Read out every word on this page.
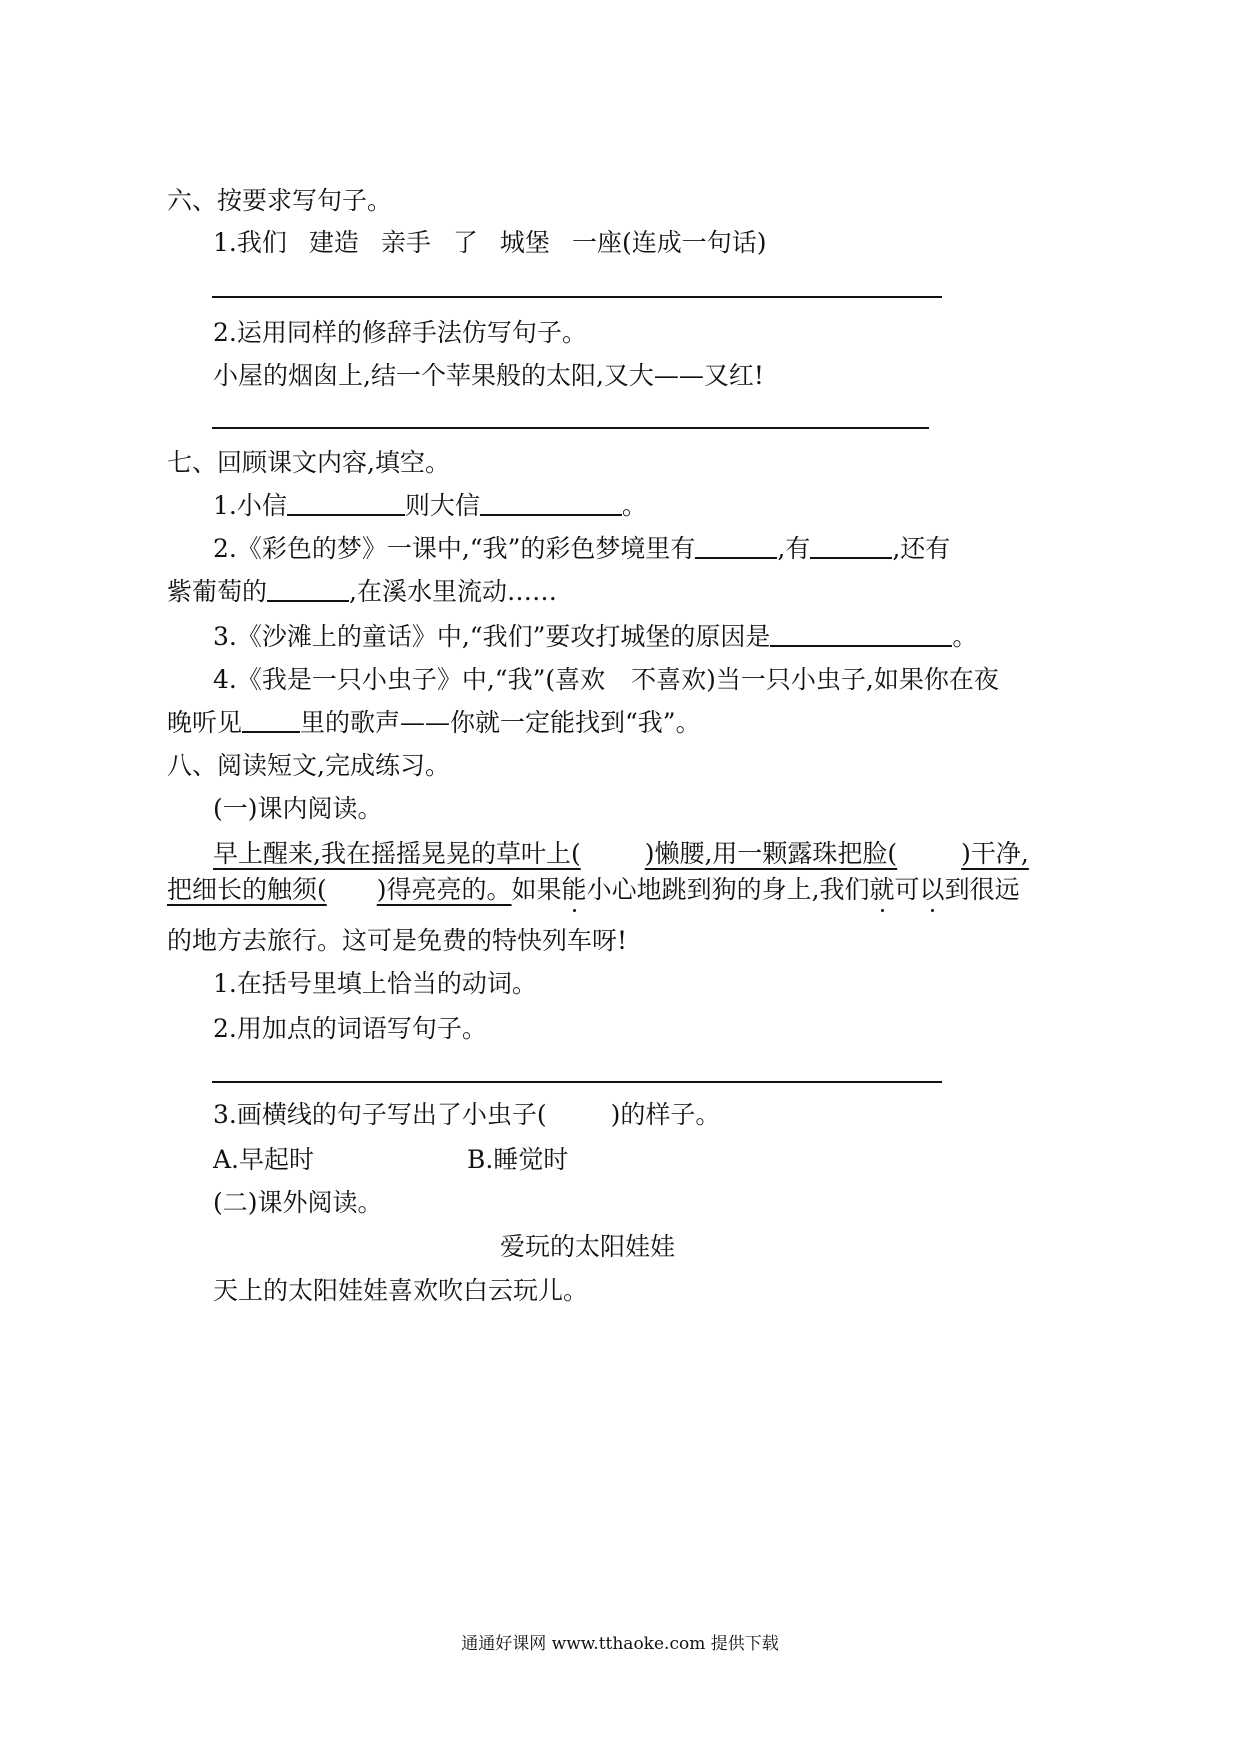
六、按要求写句子。
1.我们 建造 亲手 了 城堡 一座(连成一句话)
2.运用同样的修辞手法仿写句子。
小屋的烟囱上,结一个苹果般的太阳,又大——又红!
七、回顾课文内容,填空。
1.小信	则大信	。
2.《彩色的梦》一课中,“我”的彩色梦境里有	,有	,还有
紫葡萄的	,在溪水里流动……
3.《沙滩上的童话》中,“我们”要攻打城堡的原因是	。
4.《我是一只小虫子》中,“我”(喜欢 不喜欢)当一只小虫子,如果你在夜
晚听见 里的歌声——你就一定能找到“我”。
八、阅读短文,完成练习。
(一)课内阅读。
早上醒来,我在摇摇晃晃的草叶上(	)懒腰,用一颗露珠把脸(	)干净,
把细长的触须( )得亮亮的。如果能小心地跳到狗的身上,我们就可以到很远
的地方去旅行。这可是免费的特快列车呀!
1.在括号里填上恰当的动词。
2.用加点的词语写句子。
3.画横线的句子写出了小虫子(	)的样子。
A.早起时	B.睡觉时
(二)课外阅读。
爱玩的太阳娃娃
天上的太阳娃娃喜欢吹白云玩儿。
通通好课网 www.tthaoke.com 提供下载
